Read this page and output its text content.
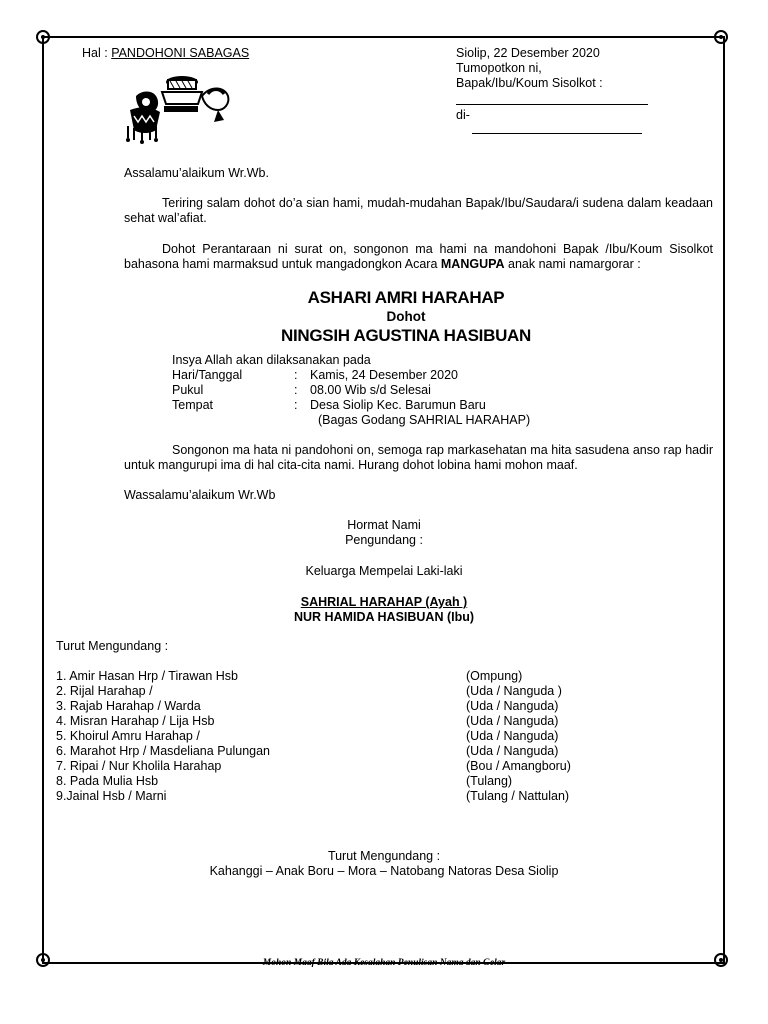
Hal : PANDOHONI SABAGAS	Siolip, 22 Desember 2020
Tumopotkon ni,
Bapak/Ibu/Koum Sisolkot :
di-
Assalamu’alaikum Wr.Wb.
Teriring salam dohot do’a sian hami, mudah-mudahan Bapak/Ibu/Saudara/i sudena dalam keadaan sehat wal’afiat.
Dohot Perantaraan ni surat on, songonon ma hami na mandohoni Bapak /Ibu/Koum Sisolkot bahasona hami marmaksud untuk mangadongkon Acara MANGUPA anak nami namargorar :
ASHARI AMRI HARAHAP
Dohot
NINGSIH AGUSTINA HASIBUAN
Insya Allah akan dilaksanakan pada
Hari/Tanggal	: Kamis, 24 Desember 2020
Pukul	: 08.00 Wib s/d Selesai
Tempat	: Desa Siolip Kec. Barumun Baru
(Bagas Godang SAHRIAL HARAHAP)
Songonon ma hata ni pandohoni on, semoga rap markasehatan ma hita sasudena anso rap hadir untuk mangurupi ima di hal cita-cita nami. Hurang dohot lobina hami mohon maaf.
Wassalamu’alaikum Wr.Wb
Hormat Nami
Pengundang :
Keluarga Mempelai Laki-laki
SAHRIAL HARAHAP (Ayah )
NUR HAMIDA HASIBUAN (Ibu)
Turut Mengundang :
1. Amir Hasan Hrp / Tirawan Hsb	(Ompung)
2. Rijal Harahap /	(Uda / Nanguda )
3. Rajab Harahap / Warda	(Uda / Nanguda)
4. Misran Harahap / Lija Hsb	(Uda / Nanguda)
5. Khoirul Amru Harahap /	(Uda / Nanguda)
6. Marahot Hrp / Masdeliana Pulungan	(Uda / Nanguda)
7. Ripai / Nur Kholila Harahap	(Bou / Amangboru)
8. Pada Mulia Hsb	(Tulang)
9.Jainal Hsb / Marni	(Tulang / Nattulan)
Turut Mengundang :
Kahanggi – Anak Boru – Mora – Natobang Natoras Desa Siolip
Mohon Maaf Bila Ada Kesalahan Penulisan Nama dan Gelar
